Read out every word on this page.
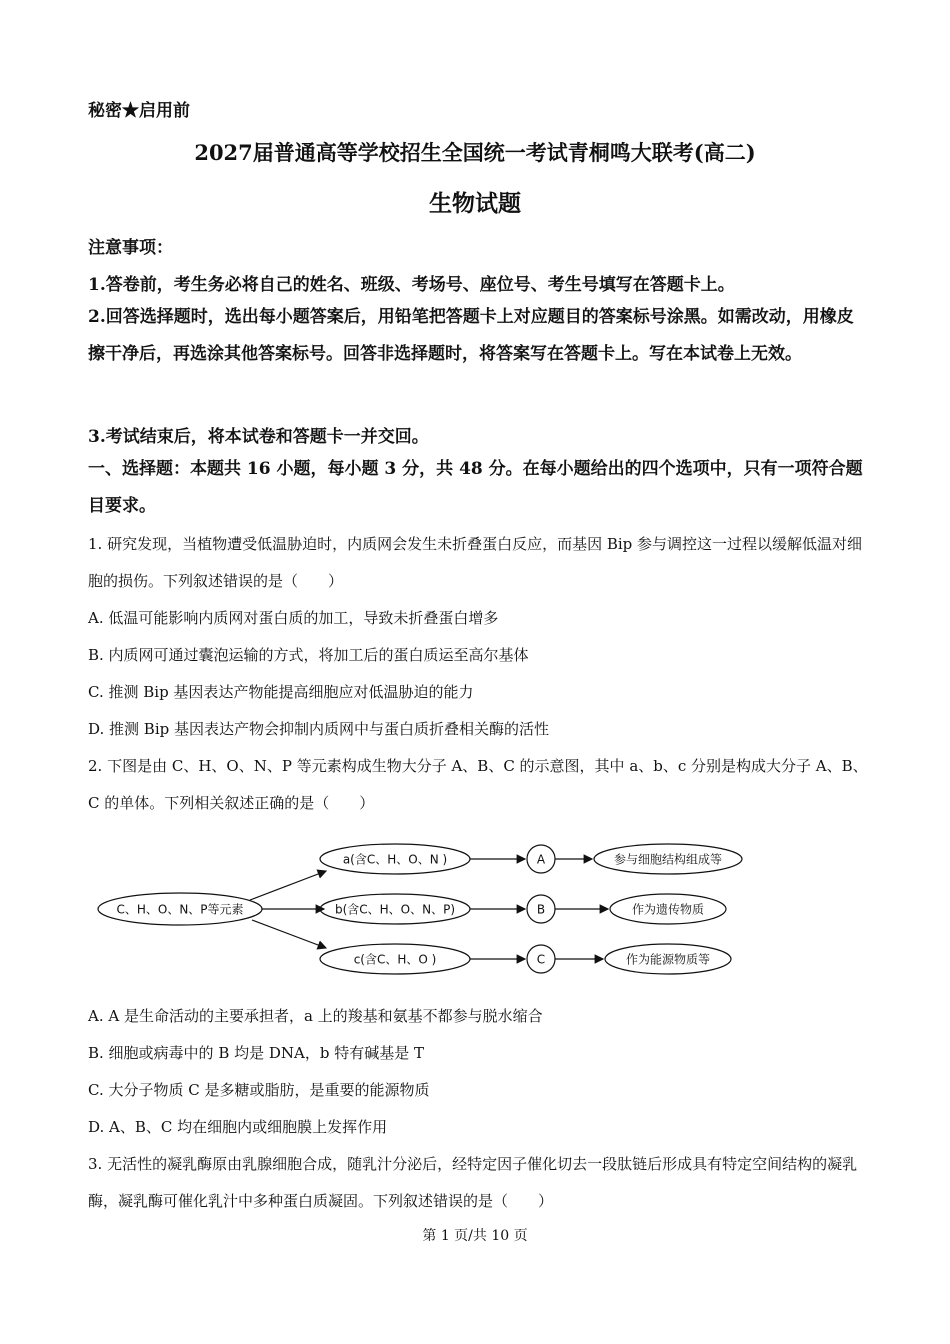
秘密★启用前
2027届普通高等学校招生全国统一考试青桐鸣大联考(高二)
生物试题
注意事项：
1.答卷前，考生务必将自己的姓名、班级、考场号、座位号、考生号填写在答题卡上。
2.回答选择题时，选出每小题答案后，用铅笔把答题卡上对应题目的答案标号涂黑。如需改动，用橡皮擦干净后，再选涂其他答案标号。回答非选择题时，将答案写在答题卡上。写在本试卷上无效。
3.考试结束后，将本试卷和答题卡一并交回。
一、选择题：本题共 16 小题，每小题 3 分，共 48 分。在每小题给出的四个选项中，只有一项符合题目要求。
1. 研究发现，当植物遭受低温胁迫时，内质网会发生未折叠蛋白反应，而基因 Bip 参与调控这一过程以缓解低温对细胞的损伤。下列叙述错误的是（　　）
A. 低温可能影响内质网对蛋白质的加工，导致未折叠蛋白增多
B. 内质网可通过囊泡运输的方式，将加工后的蛋白质运至高尔基体
C. 推测 Bip 基因表达产物能提高细胞应对低温胁迫的能力
D. 推测 Bip 基因表达产物会抑制内质网中与蛋白质折叠相关酶的活性
2. 下图是由 C、H、O、N、P 等元素构成生物大分子 A、B、C 的示意图，其中 a、b、c 分别是构成大分子 A、B、C 的单体。下列相关叙述正确的是（　　）
C、H、O、N、P等元素
a(含C、H、O、N )
b(含C、H、O、N、P)
c(含C、H、O )
A
B
C
参与细胞结构组成等
作为遗传物质
作为能源物质等
A. A 是生命活动的主要承担者，a 上的羧基和氨基不都参与脱水缩合
B. 细胞或病毒中的 B 均是 DNA，b 特有碱基是 T
C. 大分子物质 C 是多糖或脂肪，是重要的能源物质
D. A、B、C 均在细胞内或细胞膜上发挥作用
3. 无活性的凝乳酶原由乳腺细胞合成，随乳汁分泌后，经特定因子催化切去一段肽链后形成具有特定空间结构的凝乳酶，凝乳酶可催化乳汁中多种蛋白质凝固。下列叙述错误的是（　　）
第 1 页/共 10 页
